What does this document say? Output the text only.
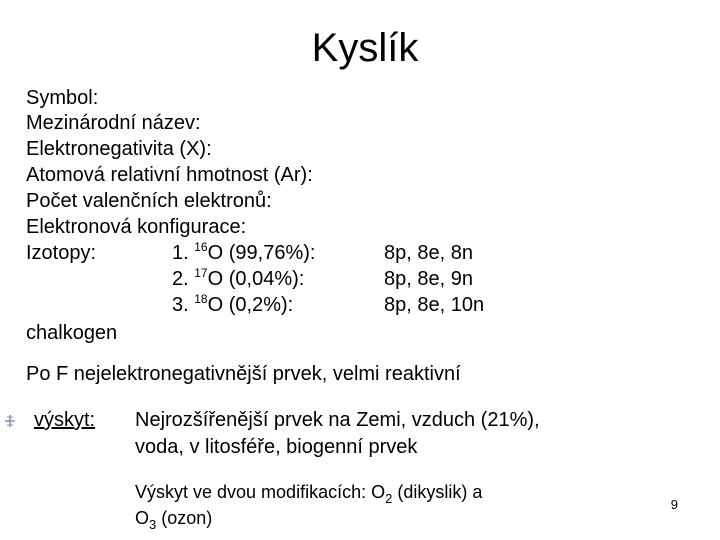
Kyslík
Symbol:
Mezinárodní název:
Elektronegativita (X):
Atomová relativní hmotnost (Ar):
Počet valenčních elektronů:
Elektronová konfigurace:
Izotopy:	1. $^{16}$O (99,76%):	8p, 8e, 8n
2. $^{17}$O (0,04%):	8p, 8e, 9n
3. $^{18}$O (0,2%):	8p, 8e, 10n
chalkogen
Po F nejelektronegativnější prvek, velmi reaktivní
výskyt: Nejrozšířenější prvek na Zemi, vzduch (21%),
voda, v litosféře, biogenní prvek
Výskyt ve dvou modifikacích: $O_2$ (dikyslik) a
$O_3$ (ozon)
9
